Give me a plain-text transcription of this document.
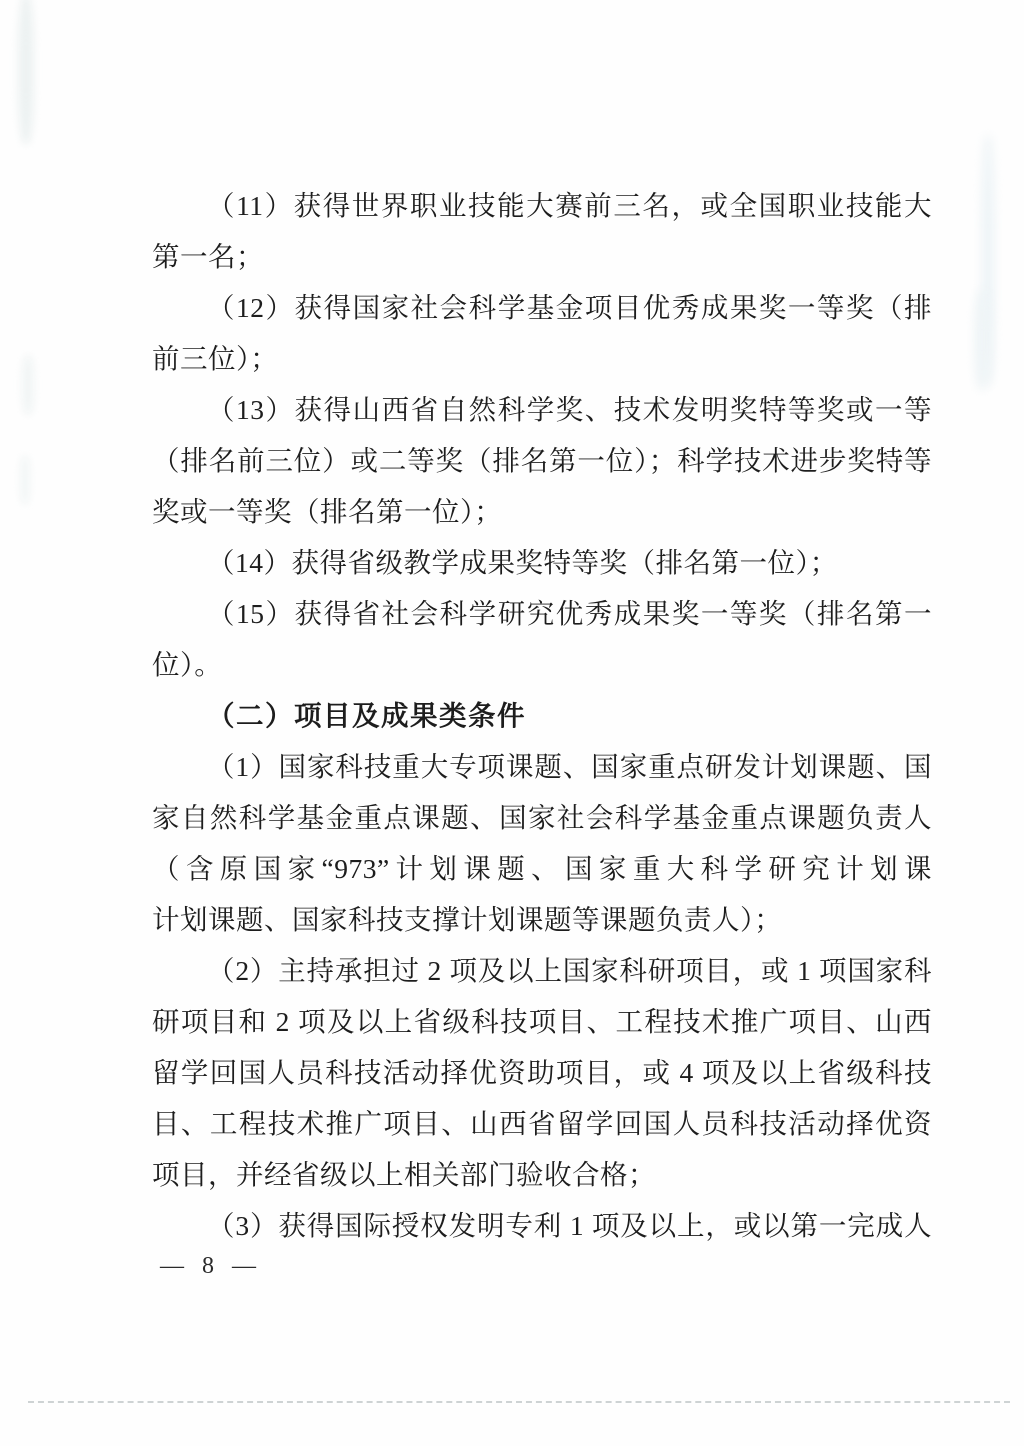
（11）获得世界职业技能大赛前三名，或全国职业技能大
第一名；
（12）获得国家社会科学基金项目优秀成果奖一等奖（排
前三位）；
（13）获得山西省自然科学奖、技术发明奖特等奖或一等
（排名前三位）或二等奖（排名第一位）；科学技术进步奖特等
奖或一等奖（排名第一位）；
（14）获得省级教学成果奖特等奖（排名第一位）；
（15）获得省社会科学研究优秀成果奖一等奖（排名第一
位）。
（二）项目及成果类条件
（1）国家科技重大专项课题、国家重点研发计划课题、国
家自然科学基金重点课题、国家社会科学基金重点课题负责人
（含原国家“973”计划课题、国家重大科学研究计划课
计划课题、国家科技支撑计划课题等课题负责人）；
（2）主持承担过 2 项及以上国家科研项目，或 1 项国家科
研项目和 2 项及以上省级科技项目、工程技术推广项目、山西
留学回国人员科技活动择优资助项目，或 4 项及以上省级科技
目、工程技术推广项目、山西省留学回国人员科技活动择优资
项目，并经省级以上相关部门验收合格；
（3）获得国际授权发明专利 1 项及以上，或以第一完成人
— 8 —
